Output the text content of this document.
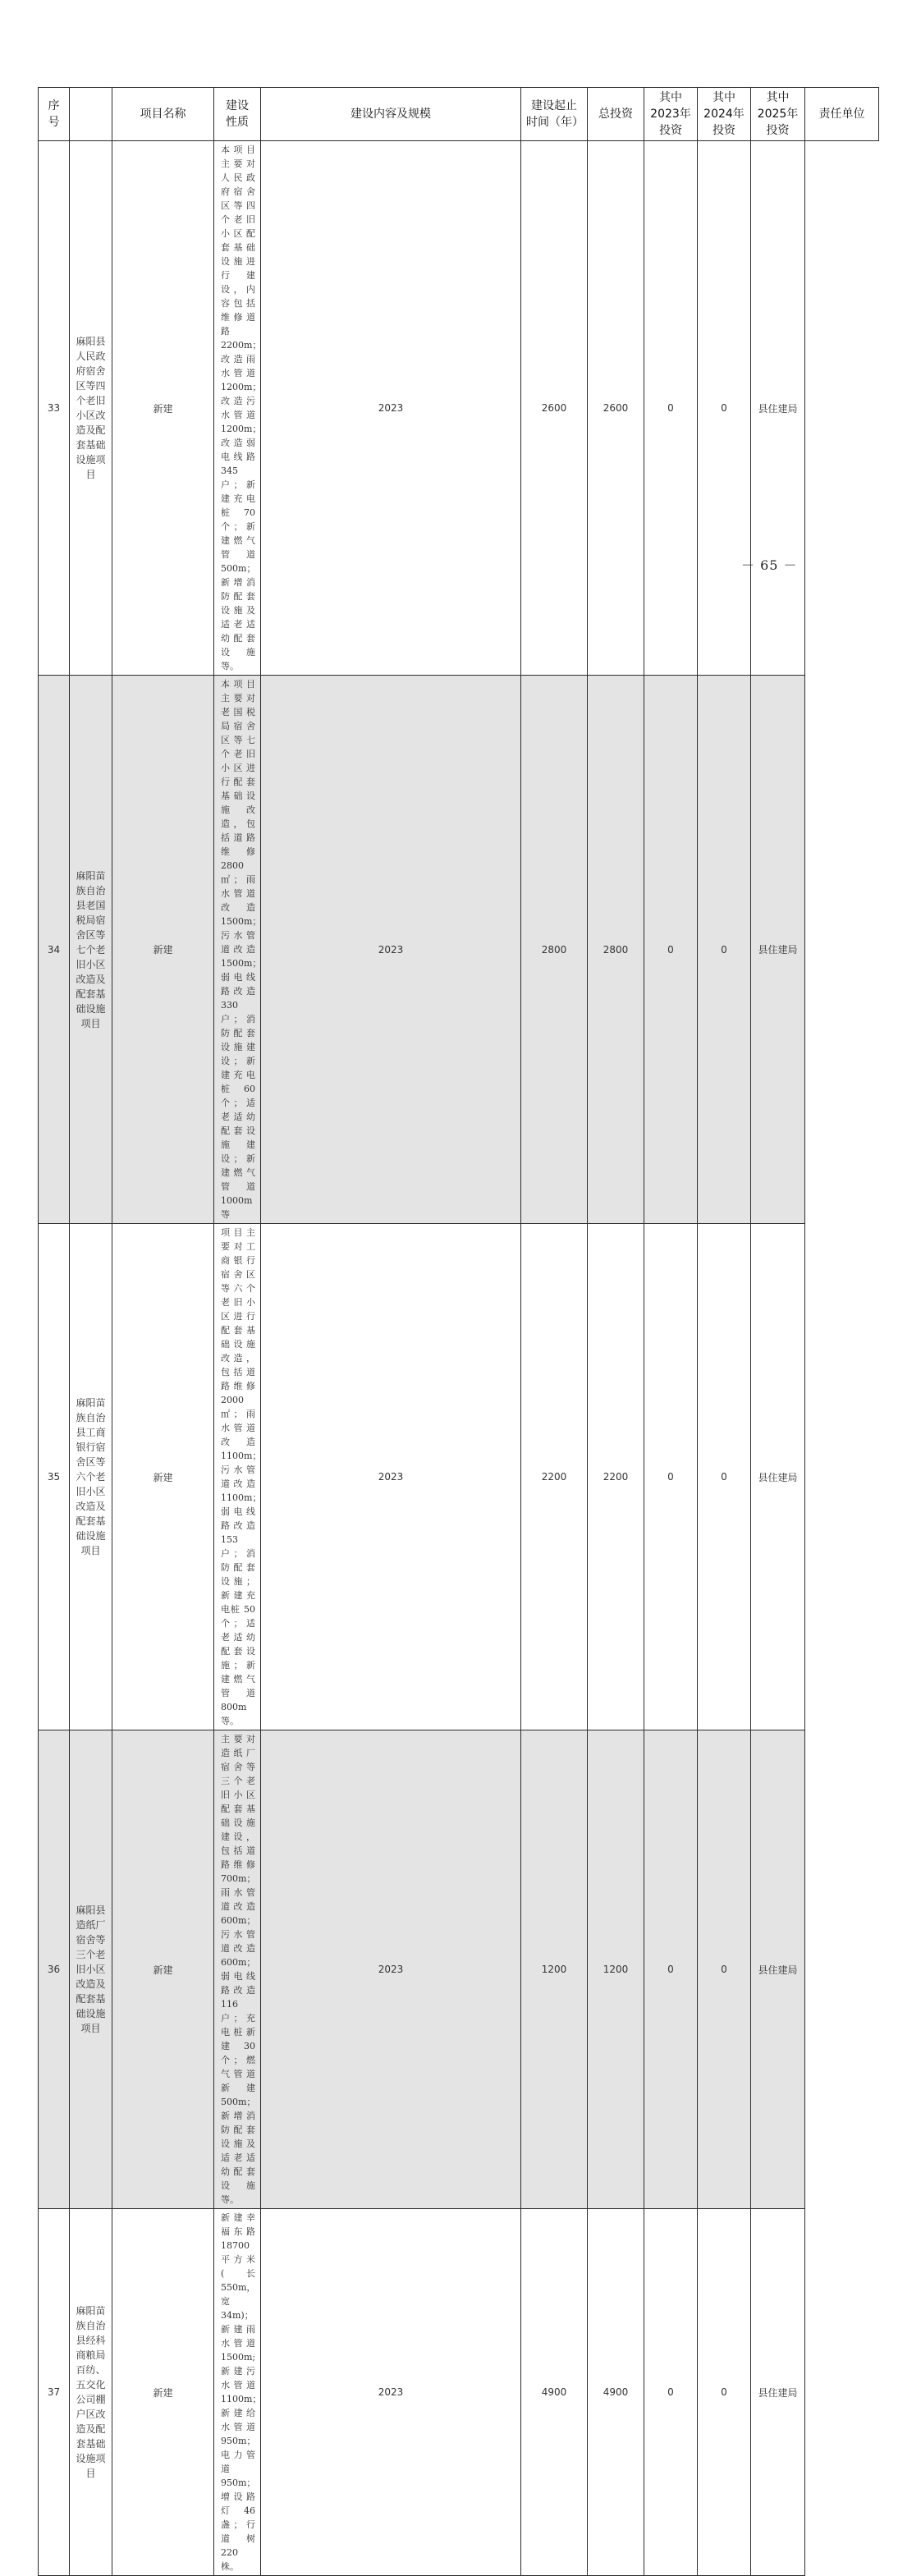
序号		项目名称	建设性质	建设内容及规模	建设起止时间（年）	总投资	其中2023年投资	其中2024年投资	其中2025年投资	责任单位
33	麻阳县人民政府宿舍区等四个老旧小区改造及配套基础设施项目	新建	本项目主要对人民政府宿舍区等四个老旧小区配套基础设施进行建设，内容包括维修道路 2200m；改造雨水管道 1200m；改造污水管道 1200m；改造弱电线路 345 户；新建充电桩 70 个；新建燃气管道 500m；新增消防配套设施及适老适幼配套设施等。	2023	2600	2600	0	0	县住建局	
34	麻阳苗族自治县老国税局宿舍区等七个老旧小区改造及配套基础设施项目	新建	本项目主要对老国税局宿舍区等七个老旧小区进行配套基础设施改造，包括道路维修 2800 ㎡；雨水管道改造 1500m；污水管道改造 1500m；弱电线路改造 330 户；消防配套设施建设；新建充电桩 60 个；适老适幼配套设施建设；新建燃气管道 1000m 等	2023	2800	2800	0	0	县住建局	
35	麻阳苗族自治县工商银行宿舍区等六个老旧小区改造及配套基础设施项目	新建	项目主要对工商银行宿舍区等六个老旧小区进行配套基础设施改造，包括道路维修 2000 ㎡；雨水管道改造 1100m；污水管道改造 1100m；弱电线路改造 153 户；消防配套设施；新建充电桩 50 个；适老适幼配套设施；新建燃气管道 800m 等。	2023	2200	2200	0	0	县住建局	
36	麻阳县造纸厂宿舍等三个老旧小区改造及配套基础设施项目	新建	主要对造纸厂宿舍等三个老旧小区配套基础设施建设，包括道路维修 700m；雨水管道改造 600m；污水管道改造 600m；弱电线路改造 116 户；充电桩新建 30 个；燃气管道新建 500m；新增消防配套设施及适老适幼配套设施等。	2023	1200	1200	0	0	县住建局	
37	麻阳苗族自治县经科商粮局百纺、五交化公司棚户区改造及配套基础设施项目	新建	新建幸福东路 18700 平方米(长 550m，宽 34m)；新建雨水管道 1500m;新建污水管道 1100m；新建给水管道 950m；电力管道 950m；增设路灯 46 盏；行道树 220 株。	2023	4900	4900	0	0	县住建局	
－ 65 －
